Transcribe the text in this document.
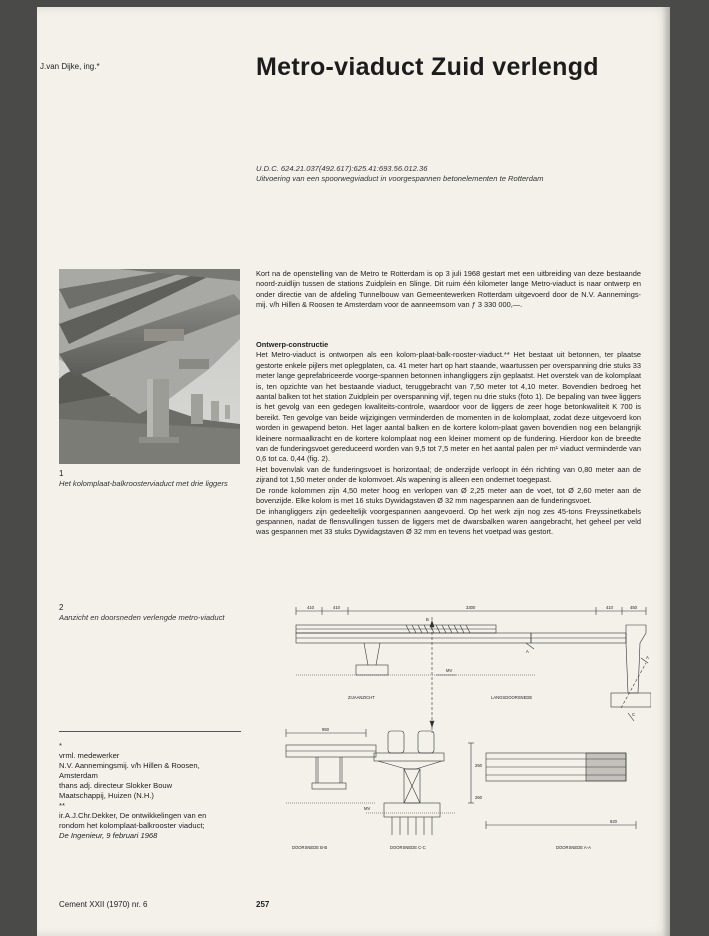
J.van Dijke, ing.*	Metro-viaduct Zuid verlengd
U.D.C. 624.21.037(492.617):625.41:693.56.012.36
Uitvoering van een spoorwegviaduct in voorgespannen betonelementen te Rotterdam
1
Het kolomplaat-balkroosterviaduct met drie liggers
2
Aanzicht en doorsneden verlengde metro-viaduct

Kort na de openstelling van de Metro te Rotterdam is op 3 juli 1968 gestart met een uitbreiding van deze bestaande noord-zuidlijn tussen de stations Zuidplein en Slinge. Dit ruim één kilometer lange Metro-viaduct is naar ontwerp en onder directie van de afdeling Tunnelbouw van Gemeentewerken Rotterdam uitgevoerd door de N.V. Aannemings-mij. v/h Hillen & Roosen te Amsterdam voor de aanneemsom van ƒ 3 330 000,—.

Ontwerp-constructie

Het Metro-viaduct is ontworpen als een kolom-plaat-balk-rooster-viaduct.** Het bestaat uit betonnen, ter plaatse gestorte enkele pijlers met oplegplaten, ca. 41 meter hart op hart staande, waartussen per overspanning drie stuks 33 meter lange geprefabriceerde voorge-spannen betonnen inhangliggers zijn geplaatst. Het overstek van de kolomplaat is, ten opzichte van het bestaande viaduct, teruggebracht van 7,50 meter tot 4,10 meter. Bovendien bedroeg het aantal balken tot het station Zuidplein per overspanning vijf, tegen nu drie stuks (foto 1). De bepaling van twee liggers is het gevolg van een gedegen kwaliteits-controle, waardoor voor de liggers de zeer hoge betonkwaliteit K 700 is bereikt. Ten gevolge van beide wijzigingen verminderden de momenten in de kolomplaat, zodat deze uitgevoerd kon worden in gewapend beton. Het lager aantal balken en de kortere kolom-plaat gaven bovendien nog een belangrijk kleinere normaalkracht en de kortere kolomplaat nog een kleiner moment op de fundering. Hierdoor kon de breedte van de funderingsvoet gereduceerd worden van 9,5 tot 7,5 meter en het aantal palen per m¹ viaduct verminderde van 0,6 tot ca. 0,44 (fig. 2).

Het bovenvlak van de funderingsvoet is horizontaal; de onderzijde verloopt in één richting van 0,80 meter aan de zijrand tot 1,50 meter onder de kolomvoet. Als wapening is alleen een ondernet toegepast.

De ronde kolommen zijn 4,50 meter hoog en verlopen van Ø 2,25 meter aan de voet, tot Ø 2,60 meter aan de bovenzijde. Elke kolom is met 16 stuks Dywidagstaven Ø 32 mm nagespannen aan de funderingsvoet.

De inhangliggers zijn gedeeltelijk voorgespannen aangevoerd. Op het werk zijn nog zes 45-tons Freyssinetkabels gespannen, nadat de flensvullingen tussen de liggers met de dwarsbalken waren aangebracht, het geheel per veld was gespannen met 33 stuks Dywidagstaven Ø 32 mm en tevens het voetpad was gestort.

410	410	3300	410	450
B
A
A
C
MV
ZIJAANZICHT	LANGSDOORSNEDE
950
MV
250
260
820
DOORSNEDE B-B	DOORSNEDE C-C	DOORSNEDE A-A

*

vrml. medewerker

N.V. Aannemingsmij. v/h Hillen & Roosen,

Amsterdam

thans adj. directeur Slokker Bouw

Maatschappij, Huizen (N.H.)

**

ir.A.J.Chr.Dekker, De ontwikkelingen van en

rondom het kolomplaat-balkrooster viaduct;

De Ingenieur, 9 februari 1968

Cement XXII (1970) nr. 6	257
